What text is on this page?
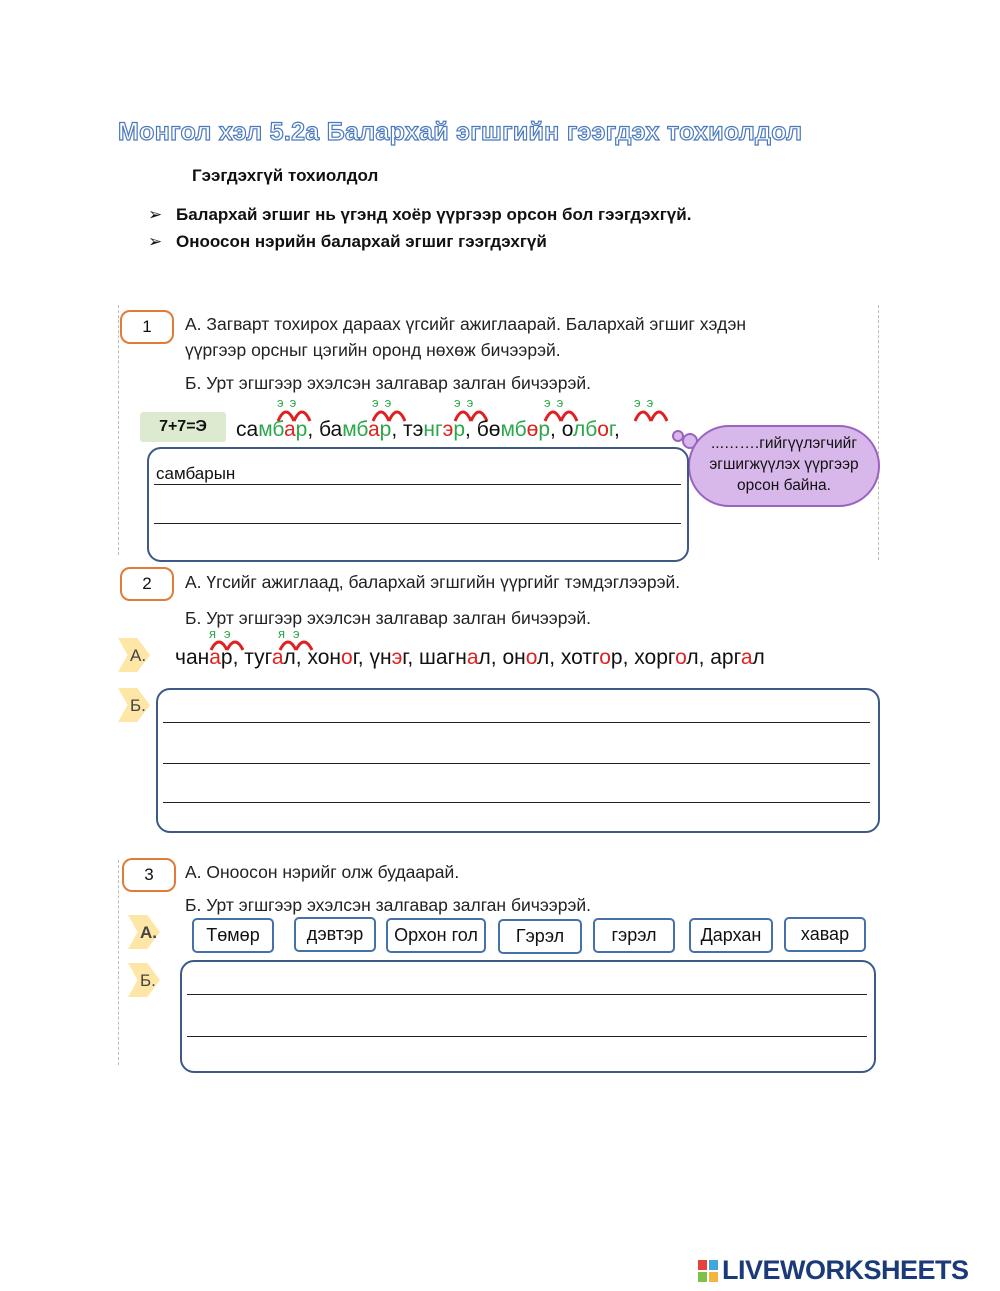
Монгол хэл 5.2а Балархай эгшгийн гээгдэх тохиолдол
Гээгдэхгүй тохиолдол
➢ Балархай эгшиг нь үгэнд хоёр үүргээр орсон бол гээгдэхгүй.
➢ Оноосон нэрийн балархай эгшиг гээгдэхгүй
1	А. Загварт тохирох дараах үгсийг ажиглаарай. Балархай эгшиг хэдэн
үүргээр орсныг цэгийн оронд нөхөж бичээрэй.
Б. Урт эгшгээр эхэлсэн залгавар залган бичээрэй.
7+7=Э
ээ	ээ	ээ	ээ	ээ
самбар, бамбар, тэнгэр, бөмбөр, олбог,
...…….гийгүүлэгчийг
эгшигжүүлэх үүргээр
орсон байна.
самбарын
2	А. Үгсийг ажиглаад, балархай эгшгийн үүргийг тэмдэглээрэй.
Б. Урт эгшгээр эхэлсэн залгавар залган бичээрэй.
А.
яэ	яэ
чанар, тугал, хоног, үнэг, шагнал, онол, хотгор, хоргол, аргал
Б.
3	А. Оноосон нэрийг олж будаарай.
Б. Урт эгшгээр эхэлсэн залгавар залган бичээрэй.
А.	Төмөр	дэвтэр	Орхон гол	Гэрэл	гэрэл	Дархан	хавар
Б.
LIVEWORKSHEETS
